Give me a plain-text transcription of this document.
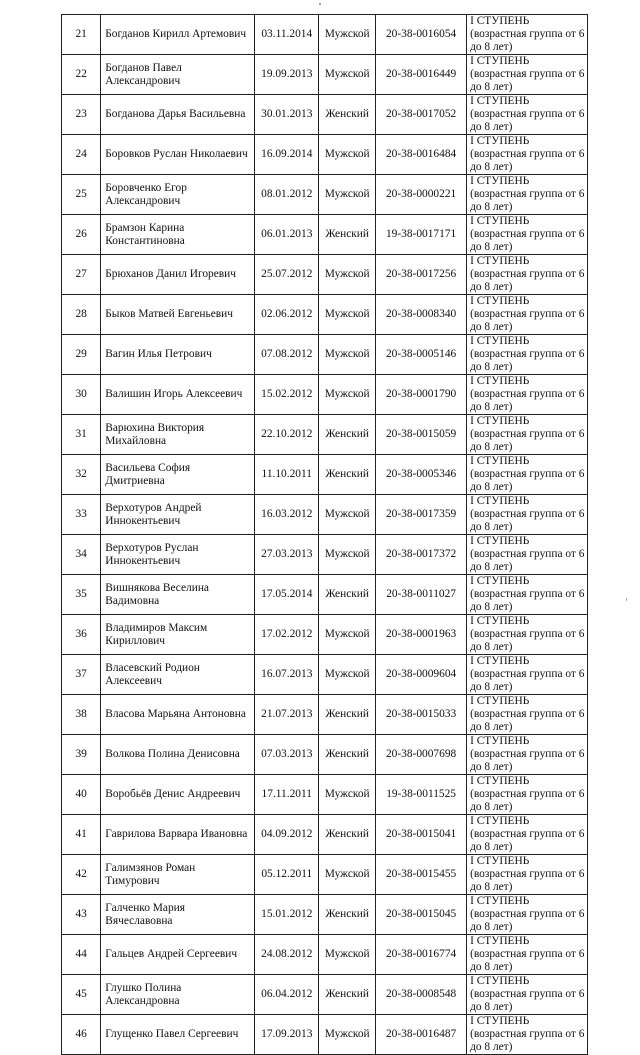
21	Богданов Кирилл Артемович	03.11.2014	Мужской	20-38-0016054	I СТУПЕНЬ (возрастная группа от 6 до 8 лет)
22	Богданов Павел Александрович	19.09.2013	Мужской	20-38-0016449	I СТУПЕНЬ (возрастная группа от 6 до 8 лет)
23	Богданова Дарья Васильевна	30.01.2013	Женский	20-38-0017052	I СТУПЕНЬ (возрастная группа от 6 до 8 лет)
24	Боровков Руслан Николаевич	16.09.2014	Мужской	20-38-0016484	I СТУПЕНЬ (возрастная группа от 6 до 8 лет)
25	Боровченко Егор Александрович	08.01.2012	Мужской	20-38-0000221	I СТУПЕНЬ (возрастная группа от 6 до 8 лет)
26	Брамзон Карина Константиновна	06.01.2013	Женский	19-38-0017171	I СТУПЕНЬ (возрастная группа от 6 до 8 лет)
27	Брюханов Данил Игоревич	25.07.2012	Мужской	20-38-0017256	I СТУПЕНЬ (возрастная группа от 6 до 8 лет)
28	Быков Матвей Евгеньевич	02.06.2012	Мужской	20-38-0008340	I СТУПЕНЬ (возрастная группа от 6 до 8 лет)
29	Вагин Илья Петрович	07.08.2012	Мужской	20-38-0005146	I СТУПЕНЬ (возрастная группа от 6 до 8 лет)
30	Валишин Игорь Алексеевич	15.02.2012	Мужской	20-38-0001790	I СТУПЕНЬ (возрастная группа от 6 до 8 лет)
31	Варюхина Виктория Михайловна	22.10.2012	Женский	20-38-0015059	I СТУПЕНЬ (возрастная группа от 6 до 8 лет)
32	Васильева София Дмитриевна	11.10.2011	Женский	20-38-0005346	I СТУПЕНЬ (возрастная группа от 6 до 8 лет)
33	Верхотуров Андрей Иннокентьевич	16.03.2012	Мужской	20-38-0017359	I СТУПЕНЬ (возрастная группа от 6 до 8 лет)
34	Верхотуров Руслан Иннокентьевич	27.03.2013	Мужской	20-38-0017372	I СТУПЕНЬ (возрастная группа от 6 до 8 лет)
35	Вишнякова Веселина Вадимовна	17.05.2014	Женский	20-38-0011027	I СТУПЕНЬ (возрастная группа от 6 до 8 лет)
36	Владимиров Максим Кириллович	17.02.2012	Мужской	20-38-0001963	I СТУПЕНЬ (возрастная группа от 6 до 8 лет)
37	Власевский Родион Алексеевич	16.07.2013	Мужской	20-38-0009604	I СТУПЕНЬ (возрастная группа от 6 до 8 лет)
38	Власова Марьяна Антоновна	21.07.2013	Женский	20-38-0015033	I СТУПЕНЬ (возрастная группа от 6 до 8 лет)
39	Волкова Полина Денисовна	07.03.2013	Женский	20-38-0007698	I СТУПЕНЬ (возрастная группа от 6 до 8 лет)
40	Воробьёв Денис Андреевич	17.11.2011	Мужской	19-38-0011525	I СТУПЕНЬ (возрастная группа от 6 до 8 лет)
41	Гаврилова Варвара Ивановна	04.09.2012	Женский	20-38-0015041	I СТУПЕНЬ (возрастная группа от 6 до 8 лет)
42	Галимзянов Роман Тимурович	05.12.2011	Мужской	20-38-0015455	I СТУПЕНЬ (возрастная группа от 6 до 8 лет)
43	Галченко Мария Вячеславовна	15.01.2012	Женский	20-38-0015045	I СТУПЕНЬ (возрастная группа от 6 до 8 лет)
44	Гальцев Андрей Сергеевич	24.08.2012	Мужской	20-38-0016774	I СТУПЕНЬ (возрастная группа от 6 до 8 лет)
45	Глушко Полина Александровна	06.04.2012	Женский	20-38-0008548	I СТУПЕНЬ (возрастная группа от 6 до 8 лет)
46	Глущенко Павел Сергеевич	17.09.2013	Мужской	20-38-0016487	I СТУПЕНЬ (возрастная группа от 6 до 8 лет)
